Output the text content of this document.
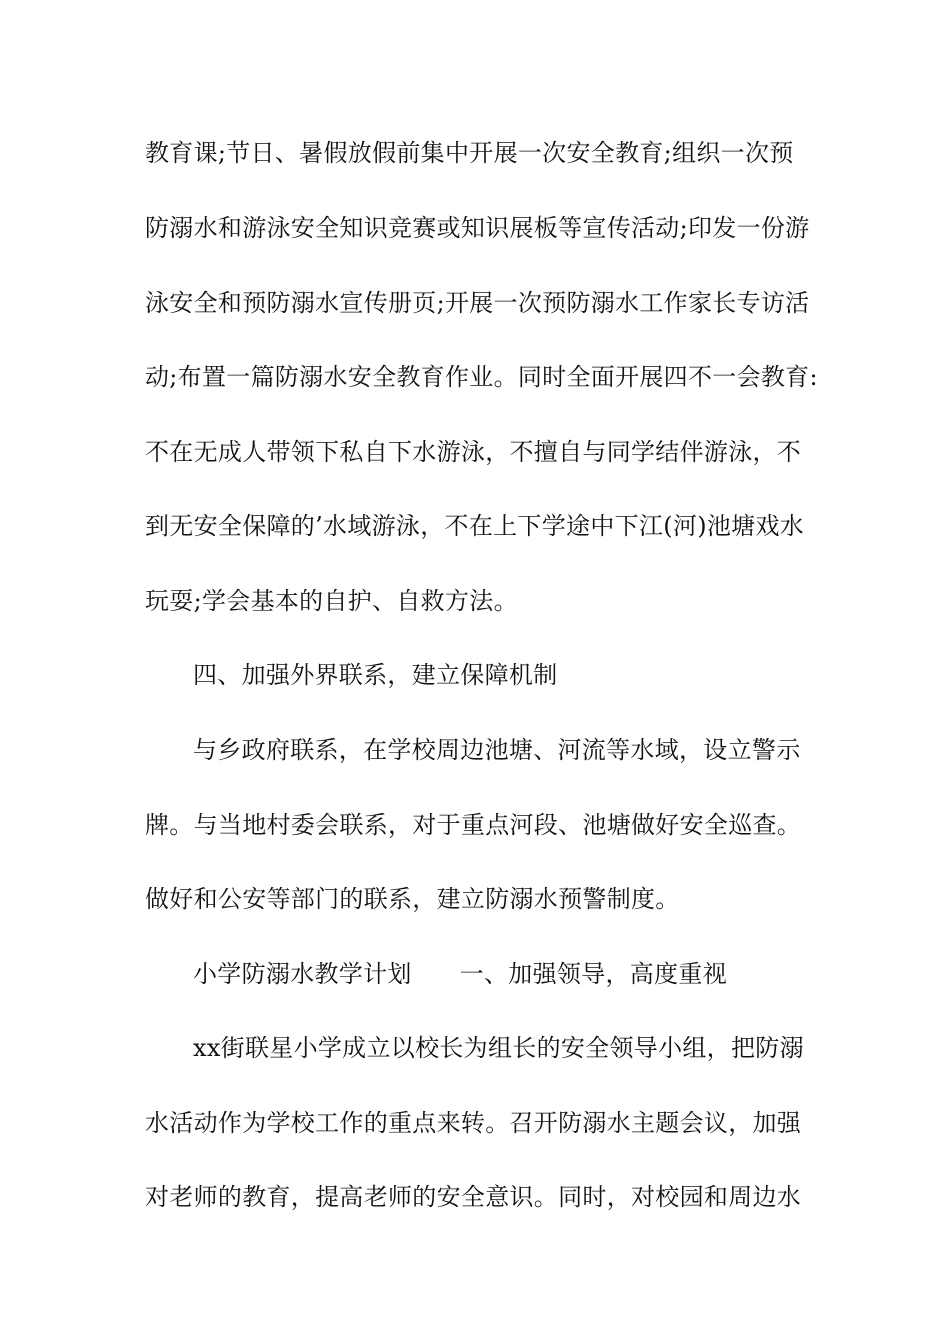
教育课;节日、暑假放假前集中开展一次安全教育;组织一次预
防溺水和游泳安全知识竞赛或知识展板等宣传活动;印发一份游
泳安全和预防溺水宣传册页;开展一次预防溺水工作家长专访活
动;布置一篇防溺水安全教育作业。同时全面开展四不一会教育:
不在无成人带领下私自下水游泳，不擅自与同学结伴游泳，不
到无安全保障的’水域游泳，不在上下学途中下江(河)池塘戏水
玩耍;学会基本的自护、自救方法。
四、加强外界联系，建立保障机制
与乡政府联系，在学校周边池塘、河流等水域，设立警示
牌。与当地村委会联系，对于重点河段、池塘做好安全巡查。
做好和公安等部门的联系，建立防溺水预警制度。
小学防溺水教学计划 一、加强领导，高度重视
xx街联星小学成立以校长为组长的安全领导小组，把防溺
水活动作为学校工作的重点来转。召开防溺水主题会议，加强
对老师的教育，提高老师的安全意识。同时，对校园和周边水
